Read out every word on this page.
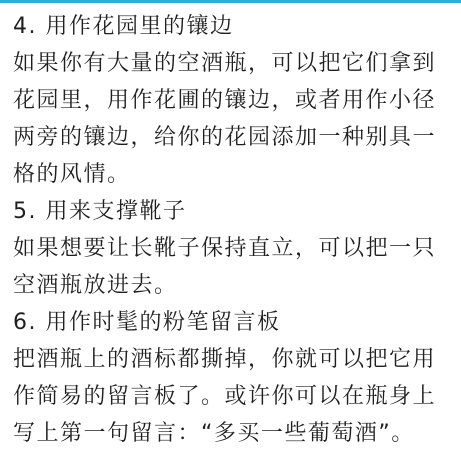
4. 用作花园里的镶边
如果你有大量的空酒瓶，可以把它们拿到
花园里，用作花圃的镶边，或者用作小径
两旁的镶边，给你的花园添加一种别具一
格的风情。
5. 用来支撑靴子
如果想要让长靴子保持直立，可以把一只
空酒瓶放进去。
6. 用作时髦的粉笔留言板
把酒瓶上的酒标都撕掉，你就可以把它用
作简易的留言板了。或许你可以在瓶身上
写上第一句留言：“多买一些葡萄酒”。
